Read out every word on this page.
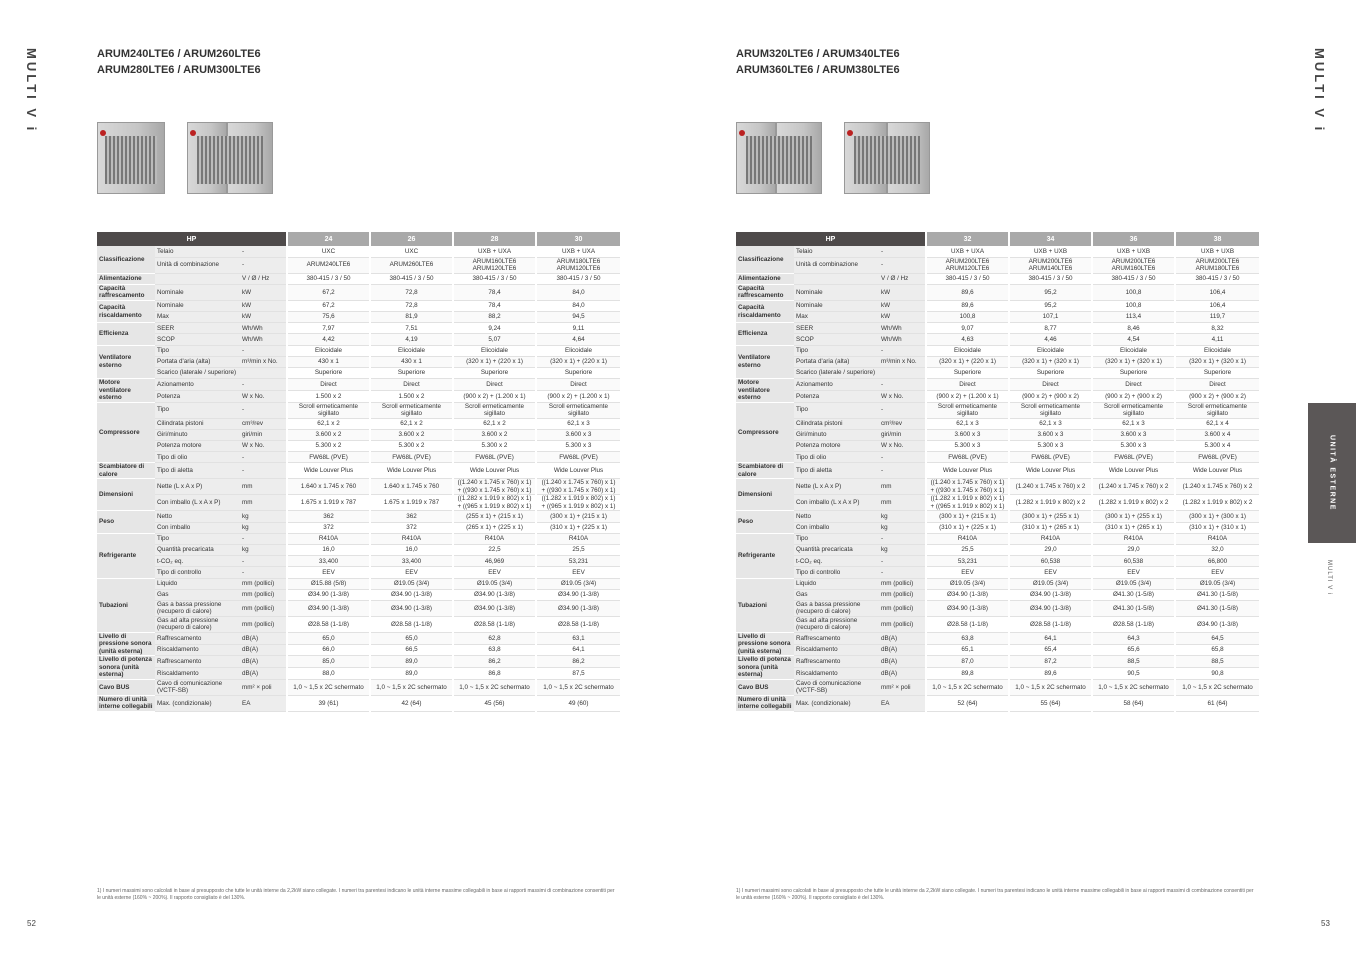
MULTI V i	ARUM240LTE6 / ARUM260LTE6
ARUM280LTE6 / ARUM300LTE6
HP			24	26	28	30
Classificazione	Telaio	-	UXC	UXC	UXB + UXA	UXB + UXA
	Unità di combinazione	-	ARUM240LTE6	ARUM260LTE6	ARUM160LTE6 ARUM120LTE6	ARUM180LTE6 ARUM120LTE6
Alimentazione		V / Ø / Hz	380-415 / 3 / 50	380-415 / 3 / 50	380-415 / 3 / 50	380-415 / 3 / 50
Capacità raffrescamento	Nominale	kW	67,2	72,8	78,4	84,0
Capacità riscaldamento	Nominale	kW	67,2	72,8	78,4	84,0
	Max	kW	75,6	81,9	88,2	94,5
Efficienza	SEER	Wh/Wh	7,97	7,51	9,24	9,11
	SCOP	Wh/Wh	4,42	4,19	5,07	4,64
Ventilatore esterno	Tipo	-	Elicoidale	Elicoidale	Elicoidale	Elicoidale
	Portata d'aria (alta)	m³/min x No.	430 x 1	430 x 1	(320 x 1) + (220 x 1)	(320 x 1) + (220 x 1)
	Scarico (laterale / superiore)		Superiore	Superiore	Superiore	Superiore
Motore ventilatore esterno	Azionamento	-	Direct	Direct	Direct	Direct
	Potenza	W x No.	1.500 x 2	1.500 x 2	(900 x 2) + (1.200 x 1)	(900 x 2) + (1.200 x 1)
Compressore	Tipo	-	Scroll ermeticamente sigillato	Scroll ermeticamente sigillato	Scroll ermeticamente sigillato	Scroll ermeticamente sigillato
	Cilindrata pistoni	cm³/rev	62,1 x 2	62,1 x 2	62,1 x 2	62,1 x 3
	Giri/minuto	giri/min	3.600 x 2	3.600 x 2	3.600 x 2	3.600 x 3
	Potenza motore	W x No.	5.300 x 2	5.300 x 2	5.300 x 2	5.300 x 3
	Tipo di olio	-	FW68L (PVE)	FW68L (PVE)	FW68L (PVE)	FW68L (PVE)
Scambiatore di calore	Tipo di aletta	-	Wide Louver Plus	Wide Louver Plus	Wide Louver Plus	Wide Louver Plus
Dimensioni	Nette (L x A x P)	mm	1.640 x 1.745 x 760	1.640 x 1.745 x 760	((1.240 x 1.745 x 760) x 1) + ((930 x 1.745 x 760) x 1)	((1.240 x 1.745 x 760) x 1) + ((930 x 1.745 x 760) x 1)
	Con imballo (L x A x P)	mm	1.675 x 1.919 x 787	1.675 x 1.919 x 787	((1.282 x 1.919 x 802) x 1) + ((965 x 1.919 x 802) x 1)	((1.282 x 1.919 x 802) x 1) + ((965 x 1.919 x 802) x 1)
Peso	Netto	kg	362	362	(255 x 1) + (215 x 1)	(300 x 1) + (215 x 1)
	Con imballo	kg	372	372	(265 x 1) + (225 x 1)	(310 x 1) + (225 x 1)
Refrigerante	Tipo	-	R410A	R410A	R410A	R410A
	Quantità precaricata	kg	16,0	16,0	22,5	25,5
	t-CO₂ eq.	-	33,400	33,400	46,969	53,231
	Tipo di controllo	-	EEV	EEV	EEV	EEV
Tubazioni	Liquido	mm (pollici)	Ø15.88 (5/8)	Ø19.05 (3/4)	Ø19.05 (3/4)	Ø19.05 (3/4)
	Gas	mm (pollici)	Ø34.90 (1-3/8)	Ø34.90 (1-3/8)	Ø34.90 (1-3/8)	Ø34.90 (1-3/8)
	Gas a bassa pressione (recupero di calore)	mm (pollici)	Ø34.90 (1-3/8)	Ø34.90 (1-3/8)	Ø34.90 (1-3/8)	Ø34.90 (1-3/8)
	Gas ad alta pressione (recupero di calore)	mm (pollici)	Ø28.58 (1-1/8)	Ø28.58 (1-1/8)	Ø28.58 (1-1/8)	Ø28.58 (1-1/8)
Livello di pressione sonora (unità esterna)	Raffrescamento	dB(A)	65,0	65,0	62,8	63,1
	Riscaldamento	dB(A)	66,0	66,5	63,8	64,1
Livello di potenza sonora (unità esterna)	Raffrescamento	dB(A)	85,0	89,0	86,2	86,2
	Riscaldamento	dB(A)	88,0	89,0	86,8	87,5
Cavo BUS	Cavo di comunicazione (VCTF-SB)	mm² × poli	1,0 ~ 1,5 x 2C schermato	1,0 ~ 1,5 x 2C schermato	1,0 ~ 1,5 x 2C schermato	1,0 ~ 1,5 x 2C schermato
Numero di unità interne collegabili	Max. (condizionale)	EA	39 (61)	42 (64)	45 (56)	49 (60)
1) I numeri massimi sono calcolati in base al presupposto che tutte le unità interne da 2,2kW siano collegate. I numeri tra parentesi indicano le unità interne massime collegabili in base ai rapporti massimi di combinazione consentiti per le unità esterne (160% ~ 200%). Il rapporto consigliato è del 130%.
52
MULTI V i
ARUM320LTE6 / ARUM340LTE6
ARUM360LTE6 / ARUM380LTE6
HP			32	34	36	38
Classificazione	Telaio	-	UXB + UXA	UXB + UXB	UXB + UXB	UXB + UXB
	Unità di combinazione	-	ARUM200LTE6 ARUM120LTE6	ARUM200LTE6 ARUM140LTE6	ARUM200LTE6 ARUM160LTE6	ARUM200LTE6 ARUM180LTE6
Alimentazione		V / Ø / Hz	380-415 / 3 / 50	380-415 / 3 / 50	380-415 / 3 / 50	380-415 / 3 / 50
Capacità raffrescamento	Nominale	kW	89,6	95,2	100,8	106,4
Capacità riscaldamento	Nominale	kW	89,6	95,2	100,8	106,4
	Max	kW	100,8	107,1	113,4	119,7
Efficienza	SEER	Wh/Wh	9,07	8,77	8,46	8,32
	SCOP	Wh/Wh	4,63	4,46	4,54	4,11
Ventilatore esterno	Tipo	-	Elicoidale	Elicoidale	Elicoidale	Elicoidale
	Portata d'aria (alta)	m³/min x No.	(320 x 1) + (220 x 1)	(320 x 1) + (320 x 1)	(320 x 1) + (320 x 1)	(320 x 1) + (320 x 1)
	Scarico (laterale / superiore)		Superiore	Superiore	Superiore	Superiore
Motore ventilatore esterno	Azionamento	-	Direct	Direct	Direct	Direct
	Potenza	W x No.	(900 x 2) + (1.200 x 1)	(900 x 2) + (900 x 2)	(900 x 2) + (900 x 2)	(900 x 2) + (900 x 2)
Compressore	Tipo	-	Scroll ermeticamente sigillato	Scroll ermeticamente sigillato	Scroll ermeticamente sigillato	Scroll ermeticamente sigillato
	Cilindrata pistoni	cm³/rev	62,1 x 3	62,1 x 3	62,1 x 3	62,1 x 4
	Giri/minuto	giri/min	3.600 x 3	3.600 x 3	3.600 x 3	3.600 x 4
	Potenza motore	W x No.	5.300 x 3	5.300 x 3	5.300 x 3	5.300 x 4
	Tipo di olio	-	FW68L (PVE)	FW68L (PVE)	FW68L (PVE)	FW68L (PVE)
Scambiatore di calore	Tipo di aletta	-	Wide Louver Plus	Wide Louver Plus	Wide Louver Plus	Wide Louver Plus
Dimensioni	Nette (L x A x P)	mm	((1.240 x 1.745 x 760) x 1) + ((930 x 1.745 x 760) x 1)	(1.240 x 1.745 x 760) x 2	(1.240 x 1.745 x 760) x 2	(1.240 x 1.745 x 760) x 2
	Con imballo (L x A x P)	mm	((1.282 x 1.919 x 802) x 1) + ((965 x 1.919 x 802) x 1)	(1.282 x 1.919 x 802) x 2	(1.282 x 1.919 x 802) x 2	(1.282 x 1.919 x 802) x 2
Peso	Netto	kg	(300 x 1) + (215 x 1)	(300 x 1) + (255 x 1)	(300 x 1) + (255 x 1)	(300 x 1) + (300 x 1)
	Con imballo	kg	(310 x 1) + (225 x 1)	(310 x 1) + (265 x 1)	(310 x 1) + (265 x 1)	(310 x 1) + (310 x 1)
Refrigerante	Tipo	-	R410A	R410A	R410A	R410A
	Quantità precaricata	kg	25,5	29,0	29,0	32,0
	t-CO₂ eq.	-	53,231	60,538	60,538	66,800
	Tipo di controllo	-	EEV	EEV	EEV	EEV
Tubazioni	Liquido	mm (pollici)	Ø19.05 (3/4)	Ø19.05 (3/4)	Ø19.05 (3/4)	Ø19.05 (3/4)
	Gas	mm (pollici)	Ø34.90 (1-3/8)	Ø34.90 (1-3/8)	Ø41.30 (1-5/8)	Ø41.30 (1-5/8)
	Gas a bassa pressione (recupero di calore)	mm (pollici)	Ø34.90 (1-3/8)	Ø34.90 (1-3/8)	Ø41.30 (1-5/8)	Ø41.30 (1-5/8)
	Gas ad alta pressione (recupero di calore)	mm (pollici)	Ø28.58 (1-1/8)	Ø28.58 (1-1/8)	Ø28.58 (1-1/8)	Ø34.90 (1-3/8)
Livello di pressione sonora (unità esterna)	Raffrescamento	dB(A)	63,8	64,1	64,3	64,5
	Riscaldamento	dB(A)	65,1	65,4	65,6	65,8
Livello di potenza sonora (unità esterna)	Raffrescamento	dB(A)	87,0	87,2	88,5	88,5
	Riscaldamento	dB(A)	89,8	89,6	90,5	90,8
Cavo BUS	Cavo di comunicazione (VCTF-SB)	mm² × poli	1,0 ~ 1,5 x 2C schermato	1,0 ~ 1,5 x 2C schermato	1,0 ~ 1,5 x 2C schermato	1,0 ~ 1,5 x 2C schermato
Numero di unità interne collegabili	Max. (condizionale)	EA	52 (64)	55 (64)	58 (64)	61 (64)
1) I numeri massimi sono calcolati in base al presupposto che tutte le unità interne da 2,2kW siano collegate. I numeri tra parentesi indicano le unità interne massime collegabili in base ai rapporti massimi di combinazione consentiti per le unità esterne (160% ~ 200%). Il rapporto consigliato è del 130%.
53
UNITÀ ESTERNE
MULTI V i
